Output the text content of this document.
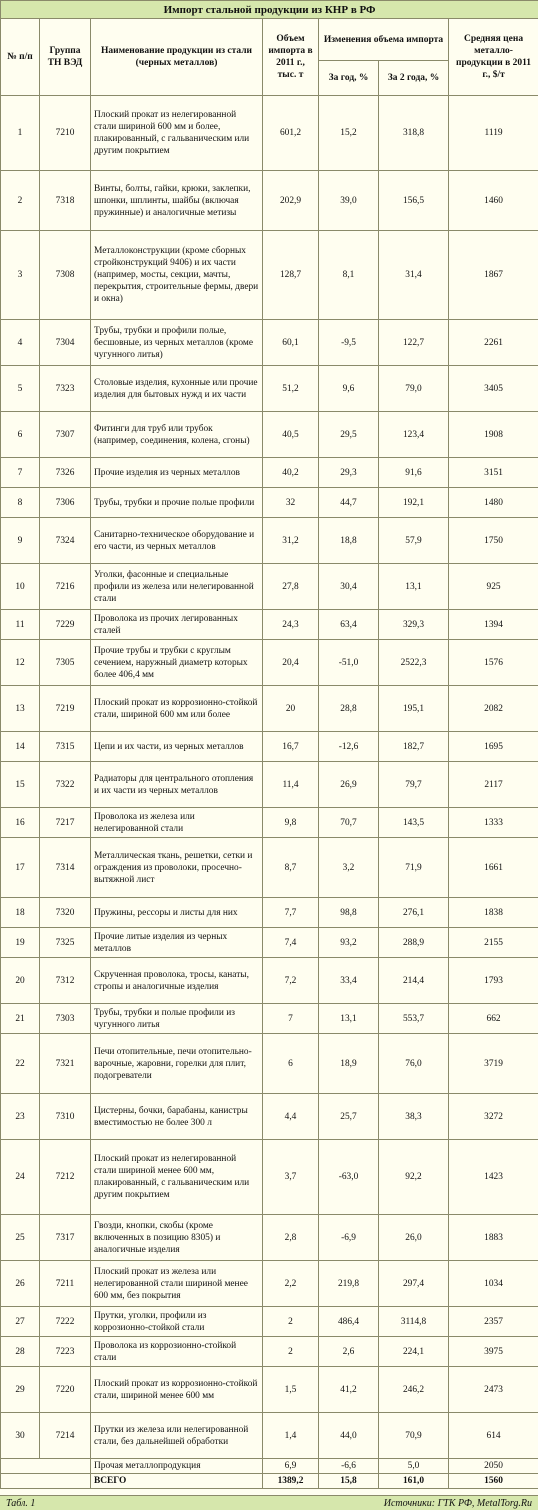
Импорт стальной продукции из КНР в РФ						
№ п/п	Группа ТН ВЭД	Наименование продукции из стали (черных металлов)	Объем импорта в 2011 г., тыс. т	Изменения объема импорта		Средняя цена металло-продукции в 2011 г., $/т
				За год, %	За 2 года, %	
1	7210	Плоский прокат из нелегированной стали шириной 600 мм и более, плакированный, с гальваническим или другим покрытием	601,2	15,2	318,8	1119
2	7318	Винты, болты, гайки, крюки, заклепки, шпонки, шплинты, шайбы (включая пружинные) и аналогичные метизы	202,9	39,0	156,5	1460
3	7308	Металлоконструкции (кроме сборных стройконструкций 9406) и их части (например, мосты, секции, мачты, перекрытия, строительные фермы, двери и окна)	128,7	8,1	31,4	1867
4	7304	Трубы, трубки и профили полые, бесшовные, из черных металлов (кроме чугунного литья)	60,1	-9,5	122,7	2261
5	7323	Столовые изделия, кухонные или прочие изделия для бытовых нужд и их части	51,2	9,6	79,0	3405
6	7307	Фитинги для труб или трубок (например, соединения, колена, сгоны)	40,5	29,5	123,4	1908
7	7326	Прочие изделия из черных металлов	40,2	29,3	91,6	3151
8	7306	Трубы, трубки и прочие полые профили	32	44,7	192,1	1480
9	7324	Санитарно-техническое оборудование и его части, из черных металлов	31,2	18,8	57,9	1750
10	7216	Уголки, фасонные и специальные профили из железа или нелегированной стали	27,8	30,4	13,1	925
11	7229	Проволока из прочих легированных сталей	24,3	63,4	329,3	1394
12	7305	Прочие трубы и трубки с круглым сечением, наружный диаметр которых более 406,4 мм	20,4	-51,0	2522,3	1576
13	7219	Плоский прокат из коррозионно-стойкой стали, шириной 600 мм или более	20	28,8	195,1	2082
14	7315	Цепи и их части, из черных металлов	16,7	-12,6	182,7	1695
15	7322	Радиаторы для центрального отопления и их части из черных металлов	11,4	26,9	79,7	2117
16	7217	Проволока из железа или нелегированной стали	9,8	70,7	143,5	1333
17	7314	Металлическая ткань, решетки, сетки и ограждения из проволоки, просечно-вытяжной лист	8,7	3,2	71,9	1661
18	7320	Пружины, рессоры и листы для них	7,7	98,8	276,1	1838
19	7325	Прочие литые изделия из черных металлов	7,4	93,2	288,9	2155
20	7312	Скрученная проволока, тросы, канаты, стропы и аналогичные изделия	7,2	33,4	214,4	1793
21	7303	Трубы, трубки и полые профили из чугунного литья	7	13,1	553,7	662
22	7321	Печи отопительные, печи отопительно-варочные, жаровни, горелки для плит, подогреватели	6	18,9	76,0	3719
23	7310	Цистерны, бочки, барабаны, канистры вместимостью не более 300 л	4,4	25,7	38,3	3272
24	7212	Плоский прокат из нелегированной стали шириной менее 600 мм, плакированный, с гальваническим или другим покрытием	3,7	-63,0	92,2	1423
25	7317	Гвозди, кнопки, скобы (кроме включенных в позицию 8305) и аналогичные изделия	2,8	-6,9	26,0	1883
26	7211	Плоский прокат из железа или нелегированной стали шириной менее 600 мм, без покрытия	2,2	219,8	297,4	1034
27	7222	Прутки, уголки, профили из коррозионно-стойкой стали	2	486,4	3114,8	2357
28	7223	Проволока из коррозионно-стойкой стали	2	2,6	224,1	3975
29	7220	Плоский прокат из коррозионно-стойкой стали, шириной менее 600 мм	1,5	41,2	246,2	2473
30	7214	Прутки из железа или нелегированной стали, без дальнейшей обработки	1,4	44,0	70,9	614
		Прочая металлопродукция	6,9	-6,6	5,0	2050
		ВСЕГО	1389,2	15,8	161,0	1560
Табл. 1	Источники: ГТК РФ, MetalTorg.Ru
